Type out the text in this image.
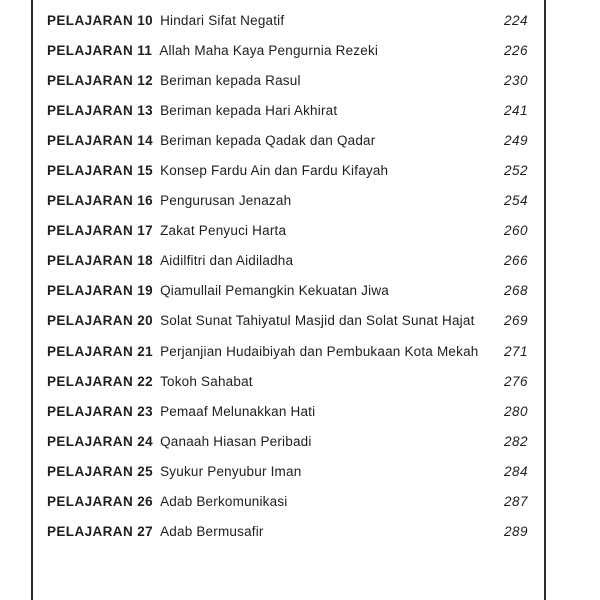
PELAJARAN 10 Hindari Sifat Negatif	224
PELAJARAN 11 Allah Maha Kaya Pengurnia Rezeki	226
PELAJARAN 12 Beriman kepada Rasul	230
PELAJARAN 13 Beriman kepada Hari Akhirat	241
PELAJARAN 14 Beriman kepada Qadak dan Qadar	249
PELAJARAN 15 Konsep Fardu Ain dan Fardu Kifayah	252
PELAJARAN 16 Pengurusan Jenazah	254
PELAJARAN 17 Zakat Penyuci Harta	260
PELAJARAN 18 Aidilfitri dan Aidiladha	266
PELAJARAN 19 Qiamullail Pemangkin Kekuatan Jiwa	268
PELAJARAN 20 Solat Sunat Tahiyatul Masjid dan Solat Sunat Hajat 269
PELAJARAN 21 Perjanjian Hudaibiyah dan Pembukaan Kota Mekah 271
PELAJARAN 22 Tokoh Sahabat	276
PELAJARAN 23 Pemaaf Melunakkan Hati	280
PELAJARAN 24 Qanaah Hiasan Peribadi	282
PELAJARAN 25 Syukur Penyubur Iman	284
PELAJARAN 26 Adab Berkomunikasi	287
PELAJARAN 27 Adab Bermusafir	289
